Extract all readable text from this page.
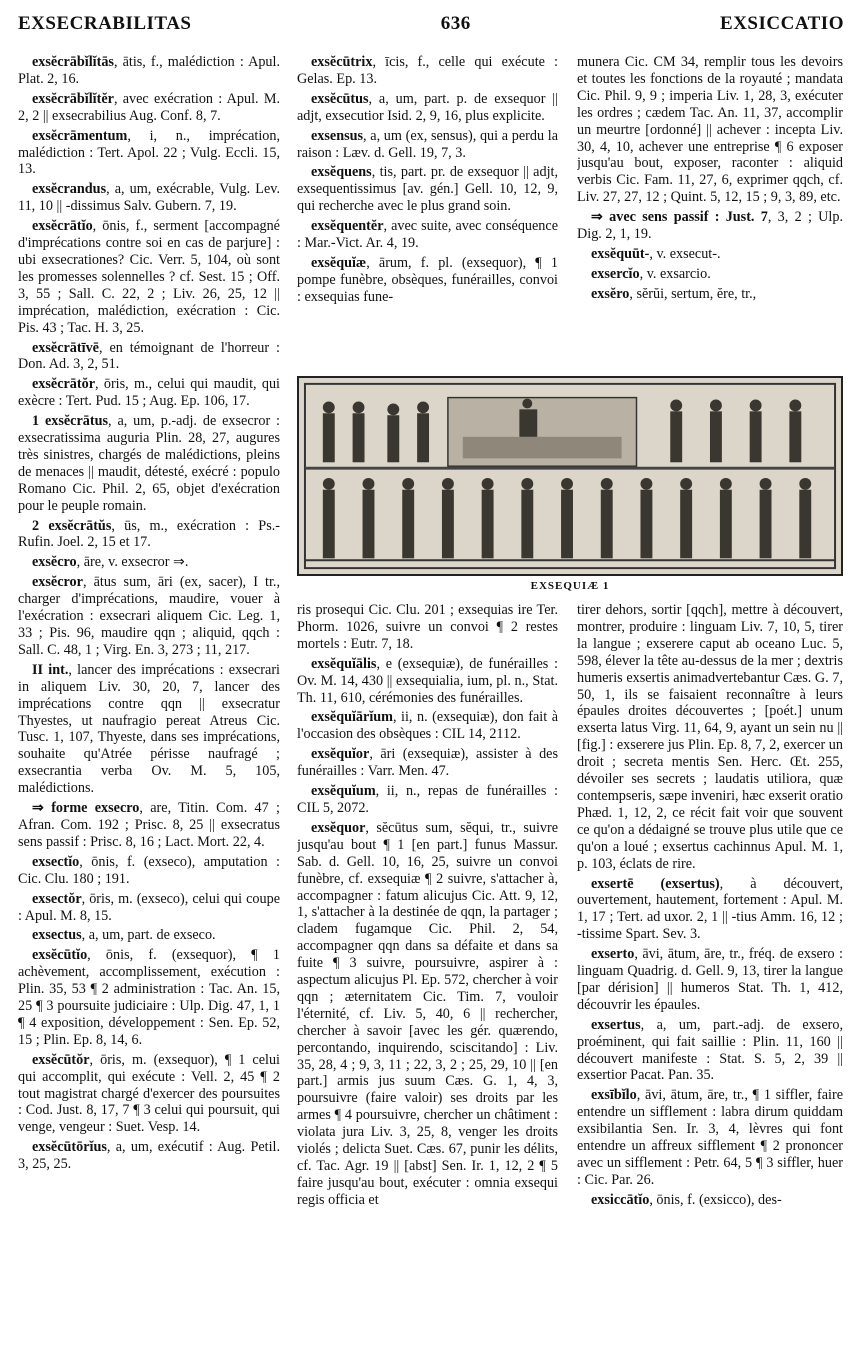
EXSECRABILITAS	636	EXSICCATIO

exsĕcrābĭlĭtās, ātis, f., malédiction : Apul. Plat. 2, 16.

exsĕcrābĭlĭtĕr, avec exécration : Apul. M. 2, 2 || exsecrabilius Aug. Conf. 8, 7.

exsĕcrāmentum, i, n., imprécation, malédiction : Tert. Apol. 22 ; Vulg. Eccli. 15, 13.

exsĕcrandus, a, um, exécrable, Vulg. Lev. 11, 10 || -dissimus Salv. Gubern. 7, 19.

exsĕcrātĭo, ōnis, f., serment [accompagné d'imprécations contre soi en cas de parjure] : ubi exsecrationes? Cic. Verr. 5, 104, où sont les promesses solennelles ? cf. Sest. 15 ; Off. 3, 55 ; Sall. C. 22, 2 ; Liv. 26, 25, 12 || imprécation, malédiction, exécration : Cic. Pis. 43 ; Tac. H. 3, 25.

exsĕcrātīvē, en témoignant de l'horreur : Don. Ad. 3, 2, 51.

exsĕcrātŏr, ōris, m., celui qui maudit, qui exècre : Tert. Pud. 15 ; Aug. Ep. 106, 17.

1 exsĕcrātus, a, um, p.-adj. de exsecror : exsecratissima auguria Plin. 28, 27, augures très sinistres, chargés de malédictions, pleins de menaces || maudit, détesté, exécré : populo Romano Cic. Phil. 2, 65, objet d'exécration pour le peuple romain.

2 exsĕcrātŭs, ūs, m., exécration : Ps.-Rufin. Joel. 2, 15 et 17.

exsĕcro, āre, v. exsecror ⇒.

exsĕcror, ātus sum, āri (ex, sacer), I tr., charger d'imprécations, maudire, vouer à l'exécration : exsecrari aliquem Cic. Leg. 1, 33 ; Pis. 96, maudire qqn ; aliquid, qqch : Sall. C. 48, 1 ; Virg. En. 3, 273 ; 11, 217.

II int., lancer des imprécations : exsecrari in aliquem Liv. 30, 20, 7, lancer des imprécations contre qqn || exsecratur Thyestes, ut naufragio pereat Atreus Cic. Tusc. 1, 107, Thyeste, dans ses imprécations, souhaite qu'Atrée périsse naufragé ; exsecrantia verba Ov. M. 5, 105, malédictions.

⇒ forme exsecro, are, Titin. Com. 47 ; Afran. Com. 192 ; Prisc. 8, 25 || exsecratus sens passif : Prisc. 8, 16 ; Lact. Mort. 22, 4.

exsectĭo, ōnis, f. (exseco), amputation : Cic. Clu. 180 ; 191.

exsectŏr, ōris, m. (exseco), celui qui coupe : Apul. M. 8, 15.

exsectus, a, um, part. de exseco.

exsĕcūtĭo, ōnis, f. (exsequor), ¶ 1 achèvement, accomplissement, exécution : Plin. 35, 53 ¶ 2 administration : Tac. An. 15, 25 ¶ 3 poursuite judiciaire : Ulp. Dig. 47, 1, 1 ¶ 4 exposition, développement : Sen. Ep. 52, 15 ; Plin. Ep. 8, 14, 6.

exsĕcūtŏr, ōris, m. (exsequor), ¶ 1 celui qui accomplit, qui exécute : Vell. 2, 45 ¶ 2 tout magistrat chargé d'exercer des poursuites : Cod. Just. 8, 17, 7 ¶ 3 celui qui poursuit, qui venge, vengeur : Suet. Vesp. 14.

exsĕcūtōrĭus, a, um, exécutif : Aug. Petil. 3, 25, 25.

exsĕcūtrix, īcis, f., celle qui exécute : Gelas. Ep. 13.

exsĕcūtus, a, um, part. p. de exsequor || adjt, exsecutior Isid. 2, 9, 16, plus explicite.

exsensus, a, um (ex, sensus), qui a perdu la raison : Læv. d. Gell. 19, 7, 3.

exsĕquens, tis, part. pr. de exsequor || adjt, exsequentissimus [av. gén.] Gell. 10, 12, 9, qui recherche avec le plus grand soin.

exsĕquentĕr, avec suite, avec conséquence : Mar.-Vict. Ar. 4, 19.

exsĕquĭæ, ārum, f. pl. (exsequor), ¶ 1 pompe funèbre, obsèques, funérailles, convoi : exsequias fune-

munera Cic. CM 34, remplir tous les devoirs et toutes les fonctions de la royauté ; mandata Cic. Phil. 9, 9 ; imperia Liv. 1, 28, 3, exécuter les ordres ; cædem Tac. An. 11, 37, accomplir un meurtre [ordonné] || achever : incepta Liv. 30, 4, 10, achever une entreprise ¶ 6 exposer jusqu'au bout, exposer, raconter : aliquid verbis Cic. Fam. 11, 27, 6, exprimer qqch, cf. Liv. 27, 27, 12 ; Quint. 5, 12, 15 ; 9, 3, 89, etc.

⇒ avec sens passif : Just. 7, 3, 2 ; Ulp. Dig. 2, 1, 19.

exsĕquūt-, v. exsecut-.

exsercĭo, v. exsarcio.

exsĕro, sĕrŭi, sertum, ĕre, tr.,

EXSEQUIÆ 1

ris prosequi Cic. Clu. 201 ; exsequias ire Ter. Phorm. 1026, suivre un convoi ¶ 2 restes mortels : Eutr. 7, 18.

exsĕquĭālis, e (exsequiæ), de funérailles : Ov. M. 14, 430 || exsequialia, ium, pl. n., Stat. Th. 11, 610, cérémonies des funérailles.

exsĕquĭārĭum, ii, n. (exsequiæ), don fait à l'occasion des obsèques : CIL 14, 2112.

exsĕquĭor, āri (exsequiæ), assister à des funérailles : Varr. Men. 47.

exsĕquĭum, ii, n., repas de funérailles : CIL 5, 2072.

exsĕquor, sĕcūtus sum, sĕqui, tr., suivre jusqu'au bout ¶ 1 [en part.] funus Massur. Sab. d. Gell. 10, 16, 25, suivre un convoi funèbre, cf. exsequiæ ¶ 2 suivre, s'attacher à, accompagner : fatum alicujus Cic. Att. 9, 12, 1, s'attacher à la destinée de qqn, la partager ; cladem fugamque Cic. Phil. 2, 54, accompagner qqn dans sa défaite et dans sa fuite ¶ 3 suivre, poursuivre, aspirer à : aspectum alicujus Pl. Ep. 572, chercher à voir qqn ; æternitatem Cic. Tim. 7, vouloir l'éternité, cf. Liv. 5, 40, 6 || rechercher, chercher à savoir [avec les gér. quærendo, percontando, inquirendo, sciscitando] : Liv. 35, 28, 4 ; 9, 3, 11 ; 22, 3, 2 ; 25, 29, 10 || [en part.] armis jus suum Cæs. G. 1, 4, 3, poursuivre (faire valoir) ses droits par les armes ¶ 4 poursuivre, chercher un châtiment : violata jura Liv. 3, 25, 8, venger les droits violés ; delicta Suet. Cæs. 67, punir les délits, cf. Tac. Agr. 19 || [abst] Sen. Ir. 1, 12, 2 ¶ 5 faire jusqu'au bout, exécuter : omnia exsequi regis officia et

tirer dehors, sortir [qqch], mettre à découvert, montrer, produire : linguam Liv. 7, 10, 5, tirer la langue ; exserere caput ab oceano Luc. 5, 598, élever la tête au-dessus de la mer ; dextris humeris exsertis animadvertebantur Cæs. G. 7, 50, 1, ils se faisaient reconnaître à leurs épaules droites découvertes ; [poét.] unum exserta latus Virg. 11, 64, 9, ayant un sein nu || [fig.] : exserere jus Plin. Ep. 8, 7, 2, exercer un droit ; secreta mentis Sen. Herc. Œt. 255, dévoiler ses secrets ; laudatis utiliora, quæ contempseris, sæpe inveniri, hæc exserit oratio Phæd. 1, 12, 2, ce récit fait voir que souvent ce qu'on a dédaigné se trouve plus utile que ce qu'on a loué ; exsertus cachinnus Apul. M. 1, p. 103, éclats de rire.

exsertē (exsertus), à découvert, ouvertement, hautement, fortement : Apul. M. 1, 17 ; Tert. ad uxor. 2, 1 || -tius Amm. 16, 12 ; -tissime Spart. Sev. 3.

exserto, āvi, ātum, āre, tr., fréq. de exsero : linguam Quadrig. d. Gell. 9, 13, tirer la langue [par dérision] || humeros Stat. Th. 1, 412, découvrir les épaules.

exsertus, a, um, part.-adj. de exsero, proéminent, qui fait saillie : Plin. 11, 160 || découvert manifeste : Stat. S. 5, 2, 39 || exsertior Pacat. Pan. 35.

exsībĭlo, āvi, ātum, āre, tr., ¶ 1 siffler, faire entendre un sifflement : labra dirum quiddam exsibilantia Sen. Ir. 3, 4, lèvres qui font entendre un affreux sifflement ¶ 2 prononcer avec un sifflement : Petr. 64, 5 ¶ 3 siffler, huer : Cic. Par. 26.

exsiccātĭo, ōnis, f. (exsicco), des-
